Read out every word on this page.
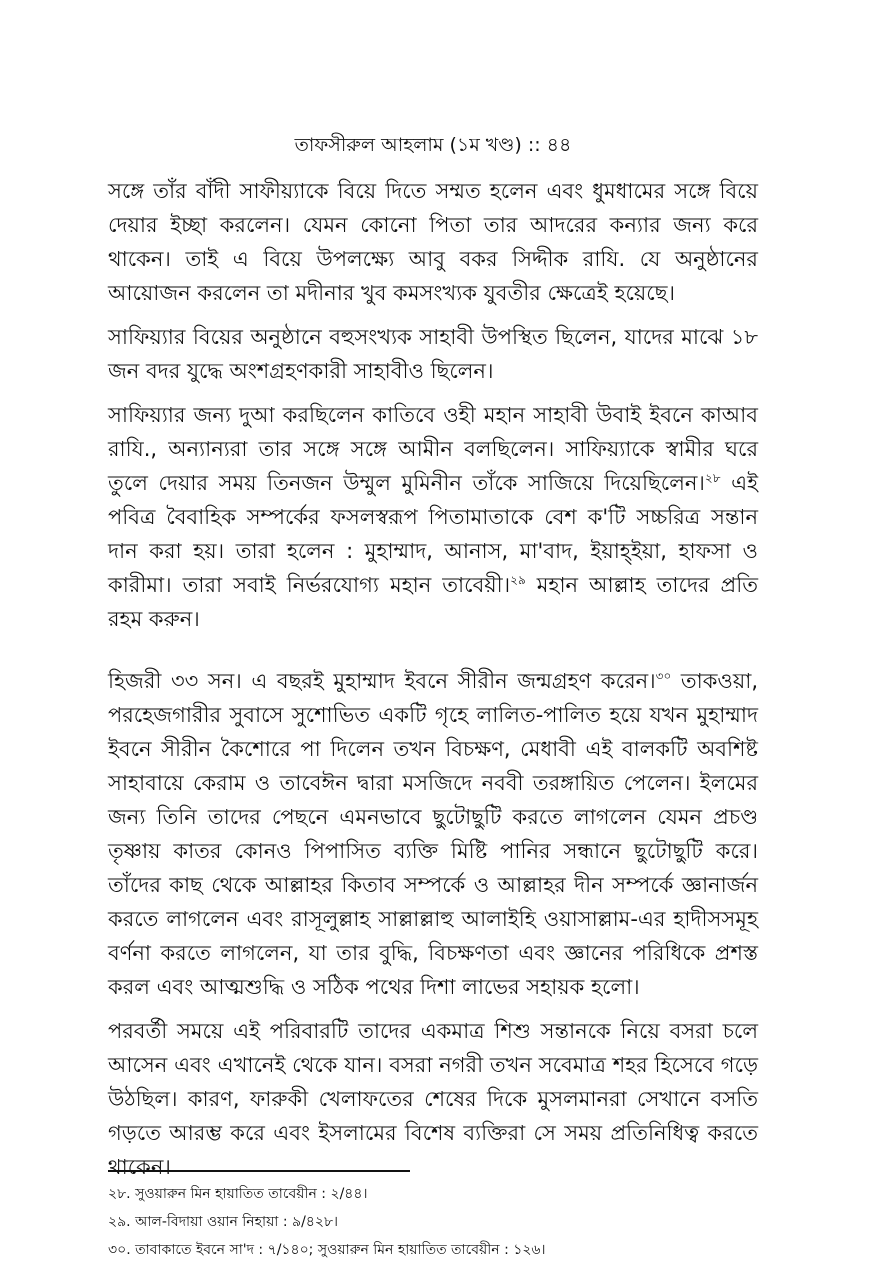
তাফসীরুল আহলাম (১ম খণ্ড) :: ৪৪

সঙ্গে তাঁর বাঁদী সাফীয়্যাকে বিয়ে দিতে সম্মত হলেন এবং ধুমধামের সঙ্গে বিয়ে দেয়ার ইচ্ছা করলেন। যেমন কোনো পিতা তার আদরের কন্যার জন্য করে থাকেন। তাই এ বিয়ে উপলক্ষ্যে আবু বকর সিদ্দীক রাযি. যে অনুষ্ঠানের আয়োজন করলেন তা মদীনার খুব কমসংখ্যক যুবতীর ক্ষেত্রেই হয়েছে।

সাফিয়্যার বিয়ের অনুষ্ঠানে বহুসংখ্যক সাহাবী উপস্থিত ছিলেন, যাদের মাঝে ১৮ জন বদর যুদ্ধে অংশগ্রহণকারী সাহাবীও ছিলেন।

সাফিয়্যার জন্য দুআ করছিলেন কাতিবে ওহী মহান সাহাবী উবাই ইবনে কাআব রাযি., অন্যান্যরা তার সঙ্গে সঙ্গে আমীন বলছিলেন। সাফিয়্যাকে স্বামীর ঘরে তুলে দেয়ার সময় তিনজন উম্মুল মুমিনীন তাঁকে সাজিয়ে দিয়েছিলেন।$^{২৮}$ এই পবিত্র বৈবাহিক সম্পর্কের ফসলস্বরূপ পিতামাতাকে বেশ ক'টি সচ্চরিত্র সন্তান দান করা হয়। তারা হলেন : মুহাম্মাদ, আনাস, মা'বাদ, ইয়াহ্ইয়া, হাফসা ও কারীমা। তারা সবাই নির্ভরযোগ্য মহান তাবেয়ী।$^{২৯}$ মহান আল্লাহ তাদের প্রতি রহম করুন।

হিজরী ৩৩ সন। এ বছরই মুহাম্মাদ ইবনে সীরীন জন্মগ্রহণ করেন।$^{৩০}$ তাকওয়া, পরহেজগারীর সুবাসে সুশোভিত একটি গৃহে লালিত-পালিত হয়ে যখন মুহাম্মাদ ইবনে সীরীন কৈশোরে পা দিলেন তখন বিচক্ষণ, মেধাবী এই বালকটি অবশিষ্ট সাহাবায়ে কেরাম ও তাবেঈন দ্বারা মসজিদে নববী তরঙ্গায়িত পেলেন। ইলমের জন্য তিনি তাদের পেছনে এমনভাবে ছুটোছুটি করতে লাগলেন যেমন প্রচণ্ড তৃষ্ণায় কাতর কোনও পিপাসিত ব্যক্তি মিষ্টি পানির সন্ধানে ছুটোছুটি করে। তাঁদের কাছ থেকে আল্লাহর কিতাব সম্পর্কে ও আল্লাহর দীন সম্পর্কে জ্ঞানার্জন করতে লাগলেন এবং রাসূলুল্লাহ সাল্লাল্লাহু আলাইহি ওয়াসাল্লাম-এর হাদীসসমূহ বর্ণনা করতে লাগলেন, যা তার বুদ্ধি, বিচক্ষণতা এবং জ্ঞানের পরিধিকে প্রশস্ত করল এবং আত্মশুদ্ধি ও সঠিক পথের দিশা লাভের সহায়ক হলো।

পরবর্তী সময়ে এই পরিবারটি তাদের একমাত্র শিশু সন্তানকে নিয়ে বসরা চলে আসেন এবং এখানেই থেকে যান। বসরা নগরী তখন সবেমাত্র শহর হিসেবে গড়ে উঠছিল। কারণ, ফারুকী খেলাফতের শেষের দিকে মুসলমানরা সেখানে বসতি গড়তে আরম্ভ করে এবং ইসলামের বিশেষ ব্যক্তিরা সে সময় প্রতিনিধিত্ব করতে থাকেন।

২৮. সুওয়ারুন মিন হায়াতিত তাবেয়ীন : ২/৪৪।

২৯. আল-বিদায়া ওয়ান নিহায়া : ৯/৪২৮।

৩০. তাবাকাতে ইবনে সা'দ : ৭/১৪০; সুওয়ারুন মিন হায়াতিত তাবেয়ীন : ১২৬।
